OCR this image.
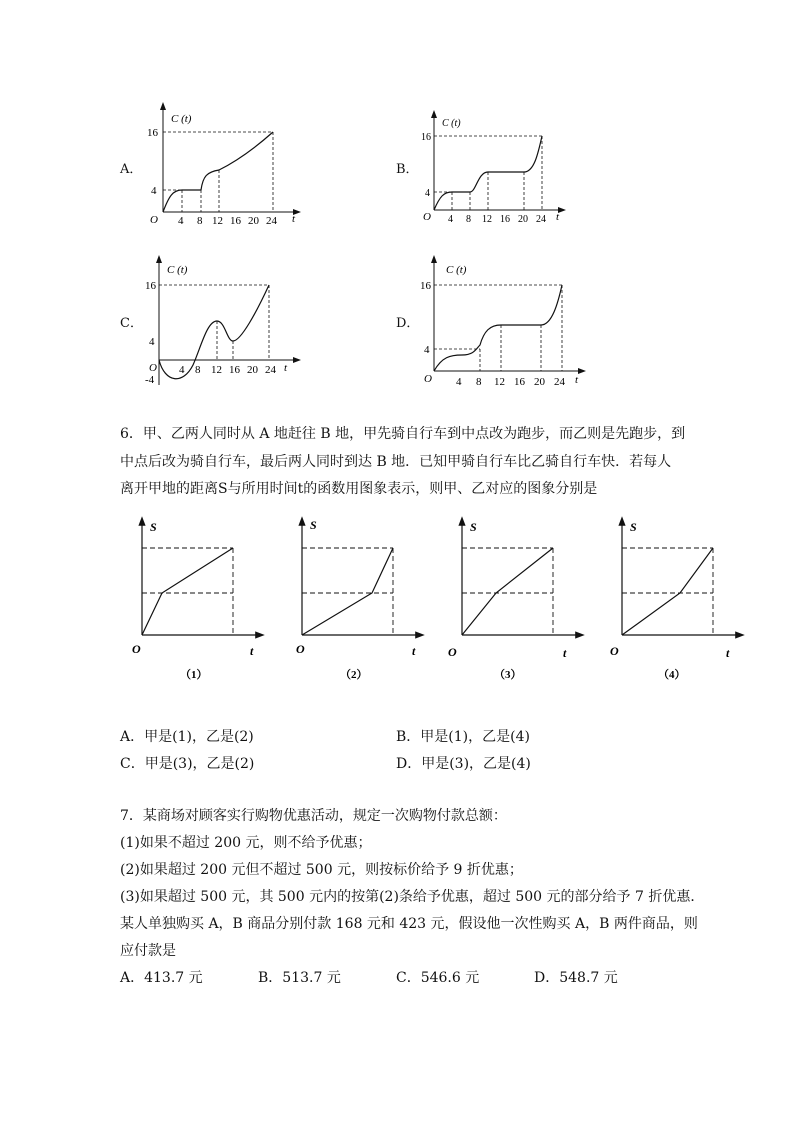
A．
C (t)
t
O
16
4
4 8 12 16 20 24
B．
C (t)
t
O
16
4
4 8 12 16 20 24
C．
C (t)
t
O
16
4
-4
4 8 12 16 20 24
D．
C (t)
t
O
16
4
4 8 12 16 20 24
6．甲、乙两人同时从 A 地赶往 B 地，甲先骑自行车到中点改为跑步，而乙则是先跑步，到
中点后改为骑自行车，最后两人同时到达 B 地．已知甲骑自行车比乙骑自行车快．若每人
离开甲地的距离S与所用时间t的函数用图象表示，则甲、乙对应的图象分别是
S
t
O
（1）
S
t
O
（2）
S
t
O
（3）
S
t
O
（4）
A．甲是(1)，乙是(2)	B．甲是(1)，乙是(4)
C．甲是(3)，乙是(2)	D．甲是(3)，乙是(4)
7．某商场对顾客实行购物优惠活动，规定一次购物付款总额：
(1)如果不超过 200 元，则不给予优惠；
(2)如果超过 200 元但不超过 500 元，则按标价给予 9 折优惠；
(3)如果超过 500 元，其 500 元内的按第(2)条给予优惠，超过 500 元的部分给予 7 折优惠．
某人单独购买 A，B 商品分别付款 168 元和 423 元，假设他一次性购买 A，B 两件商品，则
应付款是
A．413.7 元	B．513.7 元	C．546.6 元	D．548.7 元
